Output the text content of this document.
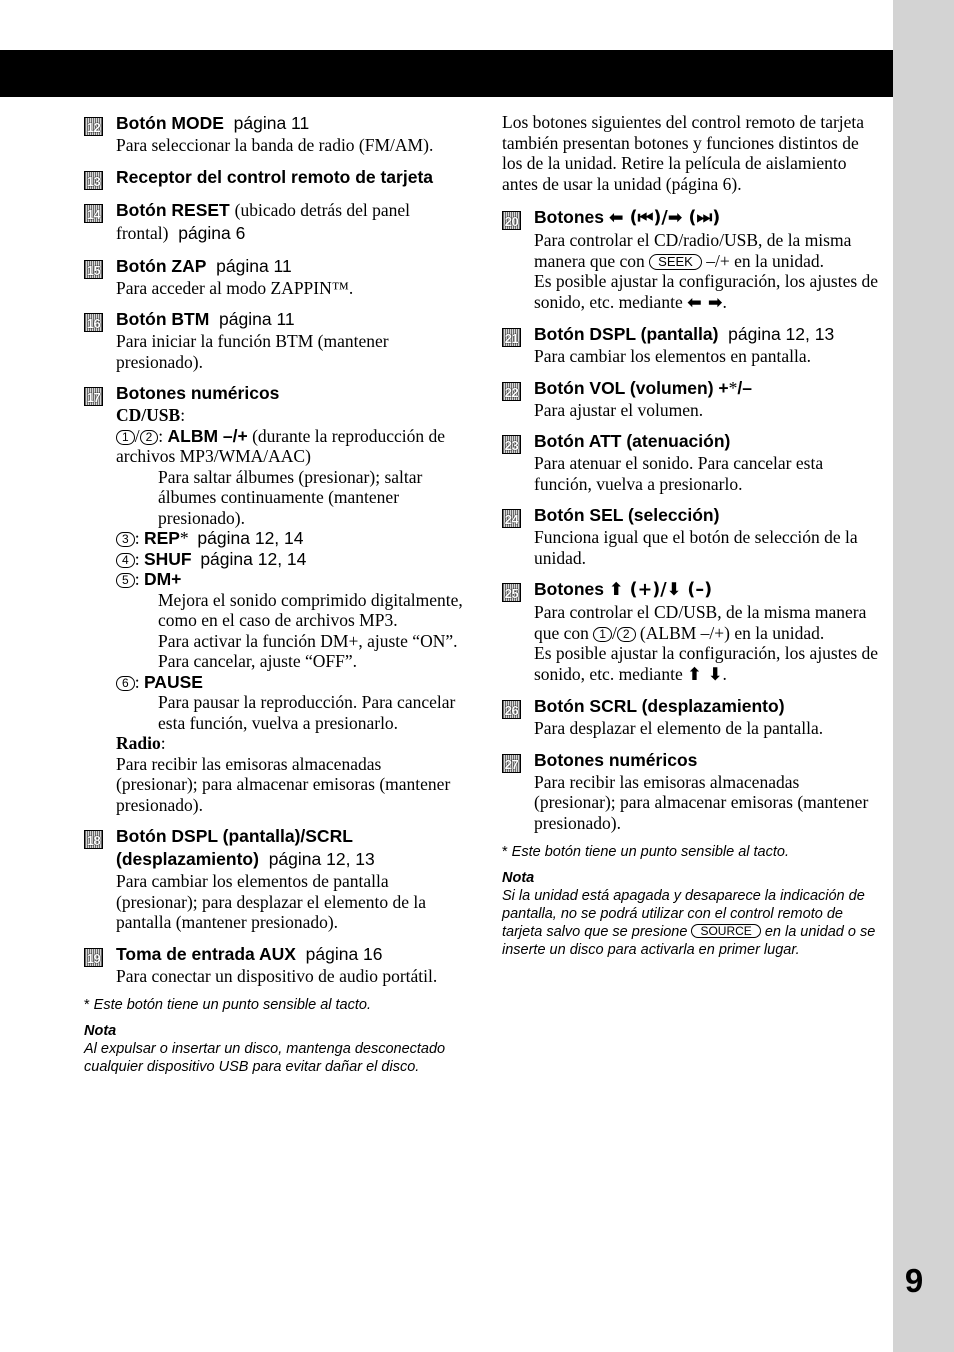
9
12 Botón MODE página 11
Para seleccionar la banda de radio (FM/AM).
13 Receptor del control remoto de tarjeta
14 Botón RESET (ubicado detrás del panel frontal) página 6
15 Botón ZAP página 11
Para acceder al modo ZAPPIN™.
16 Botón BTM página 11
Para iniciar la función BTM (mantener presionado).
17 Botones numéricos
CD/USB:
1 / 2 : ALBM –/+ (durante la reproducción de archivos MP3/WMA/AAC)
Para saltar álbumes (presionar); saltar álbumes continuamente (mantener presionado).
3 : REP*  página 12, 14
4 : SHUF página 12, 14
5 : DM+
Mejora el sonido comprimido digitalmente, como en el caso de archivos MP3.
Para activar la función DM+, ajuste “ON”. Para cancelar, ajuste “OFF”.
6 : PAUSE
Para pausar la reproducción. Para cancelar esta función, vuelva a presionarlo.
Radio:
Para recibir las emisoras almacenadas (presionar); para almacenar emisoras (mantener presionado).
18 Botón DSPL (pantalla)/SCRL (desplazamiento) página 12, 13
Para cambiar los elementos de pantalla (presionar); para desplazar el elemento de la pantalla (mantener presionado).
19 Toma de entrada AUX página 16
Para conectar un dispositivo de audio portátil.
* Este botón tiene un punto sensible al tacto.
Nota
Al expulsar o insertar un disco, mantenga desconectado cualquier dispositivo USB para evitar dañar el disco.
Los botones siguientes del control remoto de tarjeta también presentan botones y funciones distintos de los de la unidad. Retire la película de aislamiento antes de usar la unidad (página 6).
20 Botones ⬅ (⏮)/➡ (⏭)
Para controlar el CD/radio/USB, de la misma manera que con SEEK –/+ en la unidad.
Es posible ajustar la configuración, los ajustes de sonido, etc. mediante ⬅ ➡.
21 Botón DSPL (pantalla) página 12, 13
Para cambiar los elementos en pantalla.
22 Botón VOL (volumen) +*/–
Para ajustar el volumen.
23 Botón ATT (atenuación)
Para atenuar el sonido. Para cancelar esta función, vuelva a presionarlo.
24 Botón SEL (selección)
Funciona igual que el botón de selección de la unidad.
25 Botones ⬆ (+)/⬇ (–)
Para controlar el CD/USB, de la misma manera que con 1 / 2 (ALBM –/+) en la unidad.
Es posible ajustar la configuración, los ajustes de sonido, etc. mediante ⬆ ⬇.
26 Botón SCRL (desplazamiento)
Para desplazar el elemento de la pantalla.
27 Botones numéricos
Para recibir las emisoras almacenadas (presionar); para almacenar emisoras (mantener presionado).
* Este botón tiene un punto sensible al tacto.
Nota
Si la unidad está apagada y desaparece la indicación de pantalla, no se podrá utilizar con el control remoto de tarjeta salvo que se presione SOURCE en la unidad o se inserte un disco para activarla en primer lugar.
